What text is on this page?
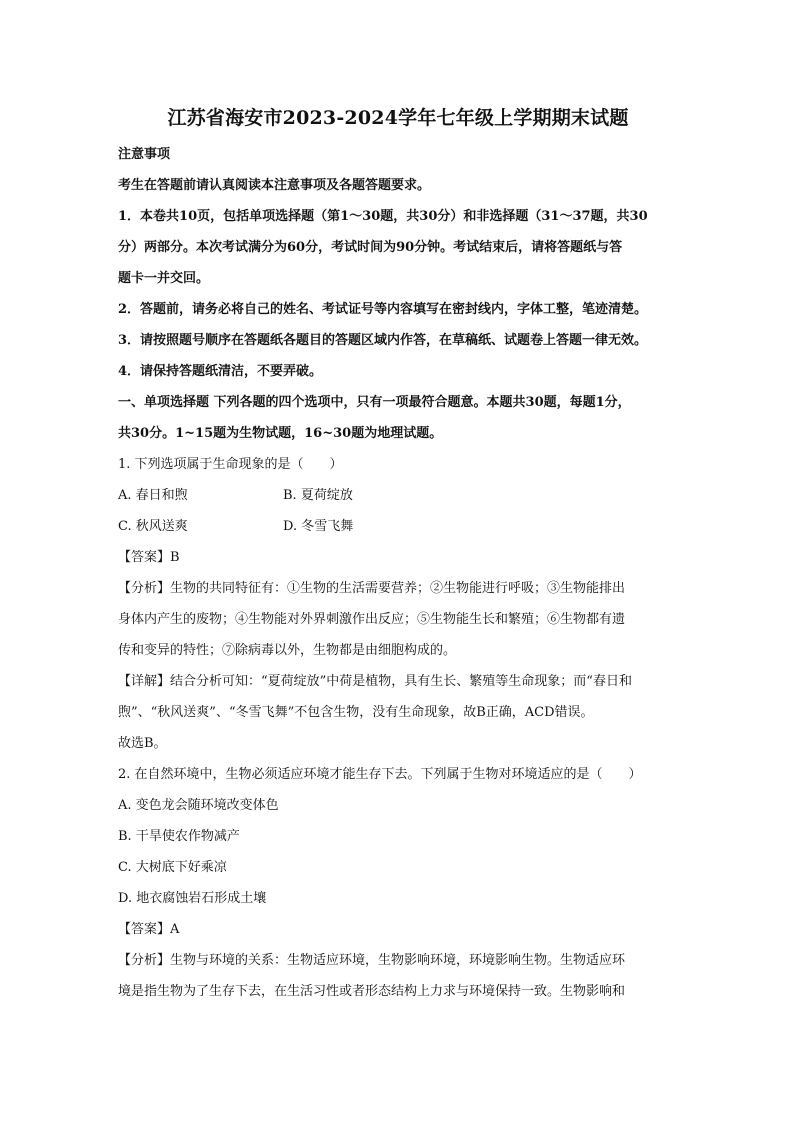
江苏省海安市2023-2024学年七年级上学期期末试题
注意事项
考生在答题前请认真阅读本注意事项及各题答题要求。
1．本卷共10页，包括单项选择题（第1～30题，共30分）和非选择题（31～37题，共30
分）两部分。本次考试满分为60分，考试时间为90分钟。考试结束后，请将答题纸与答
题卡一并交回。
2．答题前，请务必将自己的姓名、考试证号等内容填写在密封线内，字体工整，笔迹清楚。
3．请按照题号顺序在答题纸各题目的答题区域内作答，在草稿纸、试题卷上答题一律无效。
4．请保持答题纸清洁，不要弄破。
一、单项选择题 下列各题的四个选项中，只有一项最符合题意。本题共30题，每题1分，
共30分。1~15题为生物试题，16~30题为地理试题。
1. 下列选项属于生命现象的是（　　）
A. 春日和煦	B. 夏荷绽放
C. 秋风送爽	D. 冬雪飞舞
【答案】B
【分析】生物的共同特征有：①生物的生活需要营养；②生物能进行呼吸；③生物能排出
身体内产生的废物；④生物能对外界刺激作出反应；⑤生物能生长和繁殖；⑥生物都有遗
传和变异的特性；⑦除病毒以外，生物都是由细胞构成的。
【详解】结合分析可知：“夏荷绽放”中荷是植物，具有生长、繁殖等生命现象；而“春日和
煦”、“秋风送爽”、“冬雪飞舞”不包含生物，没有生命现象，故B正确，ACD错误。
故选B。
2. 在自然环境中，生物必须适应环境才能生存下去。下列属于生物对环境适应的是（　　）
A. 变色龙会随环境改变体色
B. 干旱使农作物减产
C. 大树底下好乘凉
D. 地衣腐蚀岩石形成土壤
【答案】A
【分析】生物与环境的关系：生物适应环境，生物影响环境，环境影响生物。生物适应环
境是指生物为了生存下去，在生活习性或者形态结构上力求与环境保持一致。生物影响和
